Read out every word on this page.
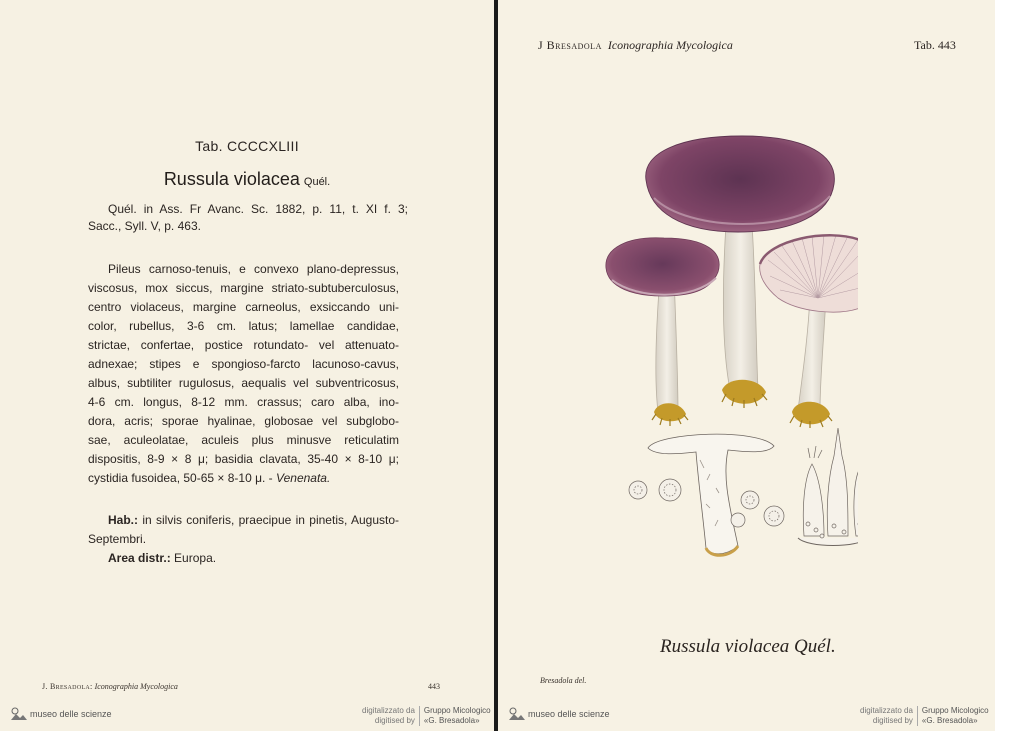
Tab. CCCCXLIII
Russula violacea Quél.
Quél. in Ass. Fr Avanc. Sc. 1882, p. 11, t. XI f. 3;
Sacc., Syll. V, p. 463.
Pileus carnoso-tenuis, e convexo plano-depressus,
viscosus, mox siccus, margine striato-subtuberculosus,
centro violaceus, margine carneolus, exsiccando uni-
color, rubellus, 3-6 cm. latus; lamellae candidae,
strictae, confertae, postice rotundato- vel attenuato-
adnexae; stipes e spongioso-farcto lacunoso-cavus,
albus, subtiliter rugulosus, aequalis vel subventricosus,
4-6 cm. longus, 8-12 mm. crassus; caro alba, ino-
dora, acris; sporae hyalinae, globosae vel subglobo-
sae, aculeolatae, aculeis plus minusve reticulatim
dispositis, 8-9 × 8 μ; basidia clavata, 35-40 × 8-10 μ;
cystidia fusoidea, 50-65 × 8-10 μ. - Venenata.
Hab.: in silvis coniferis, praecipue in pinetis, Augusto-
Septembri.
Area distr.: Europa.
J. Bresadola: Iconographia Mycologica	443
museo delle scienze	digitalizzato da
digitised by
Gruppo Micologico
«G. Bresadola»
J Bresadola Iconographia Mycologica	Tab. 443
Russula violacea Quél.
Bresadola del.
museo delle scienze	digitalizzato da
digitised by
Gruppo Micologico
«G. Bresadola»
